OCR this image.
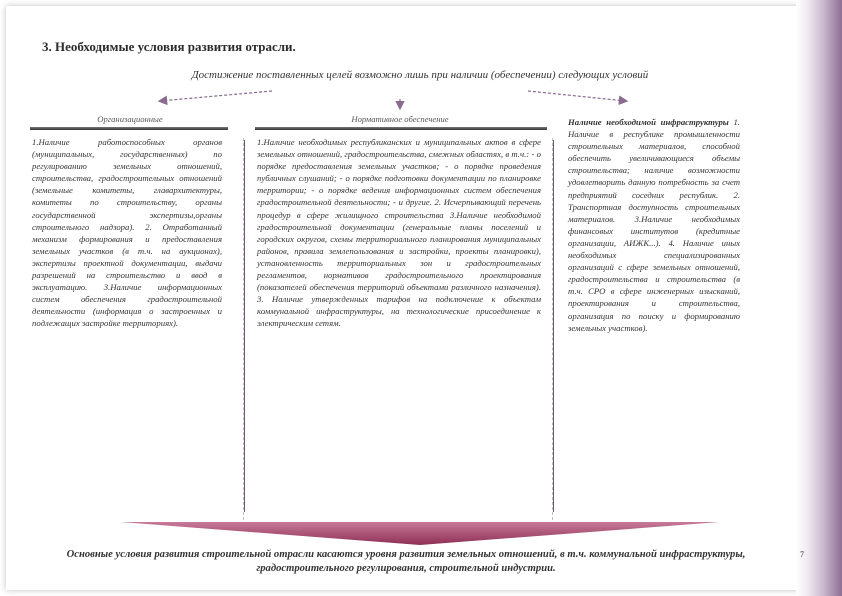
3. Необходимые условия развития отрасли.
Достижение поставленных целей возможно лишь при наличии (обеспечении) следующих условий
Организационные	Нормативное обеспечение

1.Наличие работоспособных органов (муниципальных, государственных) по регулированию земельных отношений, строительства, градостроительных отношений (земельные комитеты, главархитектуры, комитеты по строительству, органы государственной экспертизы,органы строительного надзора). 2. Отработанный механизм формирования и предоставления земельных участков (в т.ч. на аукционах), экспертизы проектной документации, выдачи разрешений на строительство и ввод в эксплуатацию. 3.Наличие информационных систем обеспечения градостроительной деятельности (информация о застроенных и подлежащих застройке территориях).

1.Наличие необходимых республиканских и муниципальных актов в сфере земельных отношений, градостроительства, смежных областях, в т.ч.: - о порядке предоставления земельных участков; - о порядке проведения публичных слушаний; - о порядке подготовки документации по планировке территории; - о порядке ведения информационных систем обеспечения градостроительной деятельности; - и другие. 2. Исчерпывающий перечень процедур в сфере жилищного строительства 3.Наличие необходимой градостроительной документации (генеральные планы поселений и городских округов, схемы территориального планирования муниципальных районов, правила землепользования и застройки, проекты планировки), установленность территориальных зон и градостроительных регламентов, нормативов градостроительного проектирования (показателей обеспечения территорий объектами различного назначения). 3. Наличие утвержденных тарифов на подключение к объектам коммунальной инфраструктуры, на технологические присоединение к электрическим сетям.

Наличие необходимой инфраструктуры 1. Наличие в республике промышленности строительных материалов, способной обеспечить увеличивающиеся объемы строительства; наличие возможности удовлетворить данную потребность за счет предприятий соседних республик. 2. Транспортная доступность строительных материалов. 3.Наличие необходимых финансовых институтов (кредитные организации, АИЖК...). 4. Наличие иных необходимых специализированных организаций с сфере земельных отношений, градостроительства и строительства (в т.ч. СРО в сфере инженерных изысканий, проектирования и строительства, организация по поиску и формированию земельных участков).

Основные условия развития строительной отрасли касаются уровня развития земельных отношений, в т.ч. коммунальной инфраструктуры, градостроительного регулирования, строительной индустрии.
7
